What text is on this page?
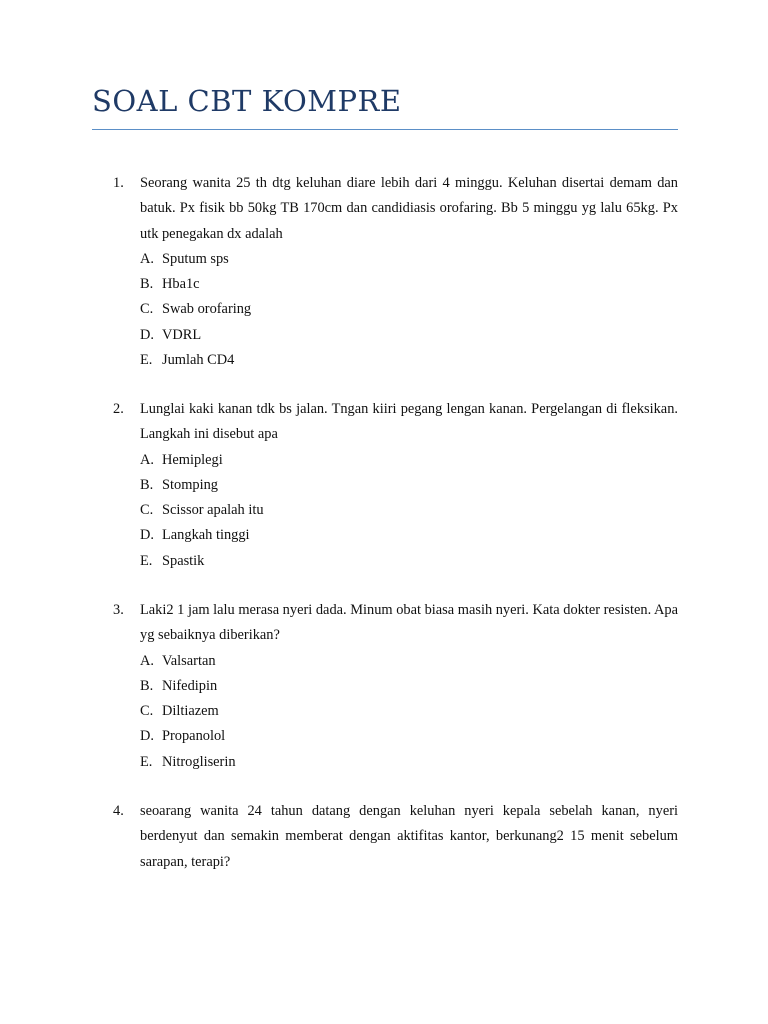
SOAL CBT KOMPRE
1.	Seorang wanita 25 th dtg keluhan diare lebih dari 4 minggu. Keluhan disertai demam dan batuk. Px fisik bb 50kg TB 170cm dan candidiasis orofaring. Bb 5 minggu yg lalu 65kg. Px utk penegakan dx adalah

A. Sputum sps
B. Hba1c
C. Swab orofaring
D. VDRL
E. Jumlah CD4
2.	Lunglai kaki kanan tdk bs jalan. Tngan kiiri pegang lengan kanan. Pergelangan di fleksikan. Langkah ini disebut apa

A. Hemiplegi
B. Stomping
C. Scissor apalah itu
D. Langkah tinggi
E. Spastik
3.	Laki2 1 jam lalu merasa nyeri dada. Minum obat biasa masih nyeri. Kata dokter resisten. Apa yg sebaiknya diberikan?

A. Valsartan
B. Nifedipin
C. Diltiazem
D. Propanolol
E. Nitrogliserin
4.	seoarang wanita 24 tahun datang dengan keluhan nyeri kepala sebelah kanan, nyeri berdenyut dan semakin memberat dengan aktifitas kantor, berkunang2 15 menit sebelum sarapan, terapi?
